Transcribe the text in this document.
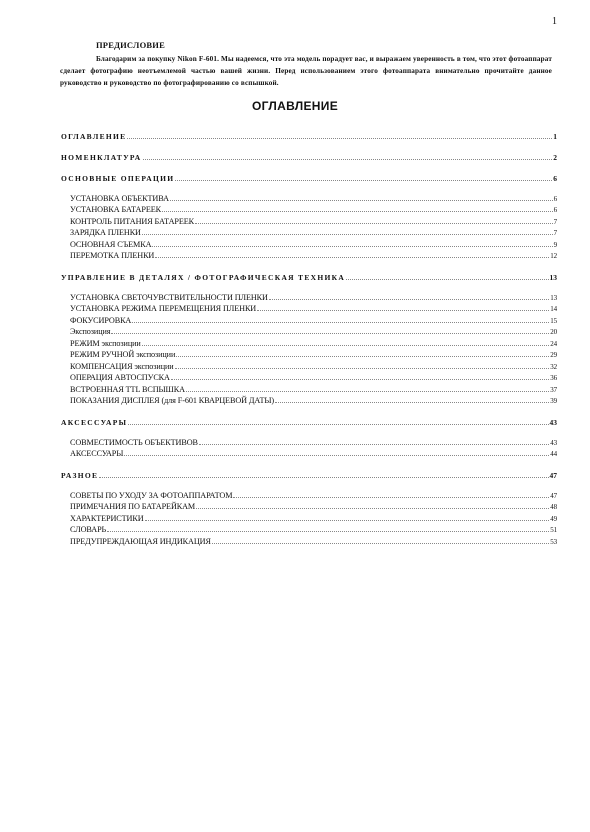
1
ПРЕДИСЛОВИЕ

Благодарим за покупку Nikon F-601. Мы надеемся, что эта модель порадует вас, и выражаем уверенность в том, что этот фотоаппарат сделает фотографию неотъемлемой частью вашей жизни. Перед использованием этого фотоаппарата внимательно прочитайте данное руководство и руководство по фотографированию со вспышкой.

ОГЛАВЛЕНИЕ
ОГЛАВЛЕНИЕ	1
НОМЕНКЛАТУРА	2
ОСНОВНЫЕ ОПЕРАЦИИ	6
УСТАНОВКА ОБЪЕКТИВА	6
УСТАНОВКА БАТАРЕЕК	6
КОНТРОЛЬ ПИТАНИЯ БАТАРЕЕК	7
ЗАРЯДКА ПЛЕНКИ	7
ОСНОВНАЯ СЪЕМКА	9
ПЕРЕМОТКА ПЛЕНКИ	12
УПРАВЛЕНИЕ В ДЕТАЛЯХ / ФОТОГРАФИЧЕСКАЯ ТЕХНИКА	13
УСТАНОВКА СВЕТОЧУВСТВИТЕЛЬНОСТИ ПЛЕНКИ	13
УСТАНОВКА РЕЖИМА ПЕРЕМЕЩЕНИЯ ПЛЕНКИ	14
ФОКУСИРОВКА	15
Экспозиция	20
РЕЖИМ экспозиции	24
РЕЖИМ РУЧНОЙ экспозиции	29
КОМПЕНСАЦИЯ экспозиции	32
ОПЕРАЦИЯ АВТОСПУСКА	36
ВСТРОЕННАЯ TTL ВСПЫШКА	37
ПОКАЗАНИЯ ДИСПЛЕЯ (для F-601 КВАРЦЕВОЙ ДАТЫ)	39
АКСЕССУАРЫ	43
СОВМЕСТИМОСТЬ ОБЪЕКТИВОВ	43
АКСЕССУАРЫ	44
РАЗНОЕ	47
СОВЕТЫ ПО УХОДУ ЗА ФОТОАППАРАТОМ	47
ПРИМЕЧАНИЯ ПО БАТАРЕЙКАМ	48
ХАРАКТЕРИСТИКИ	49
СЛОВАРЬ	51
ПРЕДУПРЕЖДАЮЩАЯ ИНДИКАЦИЯ	53
